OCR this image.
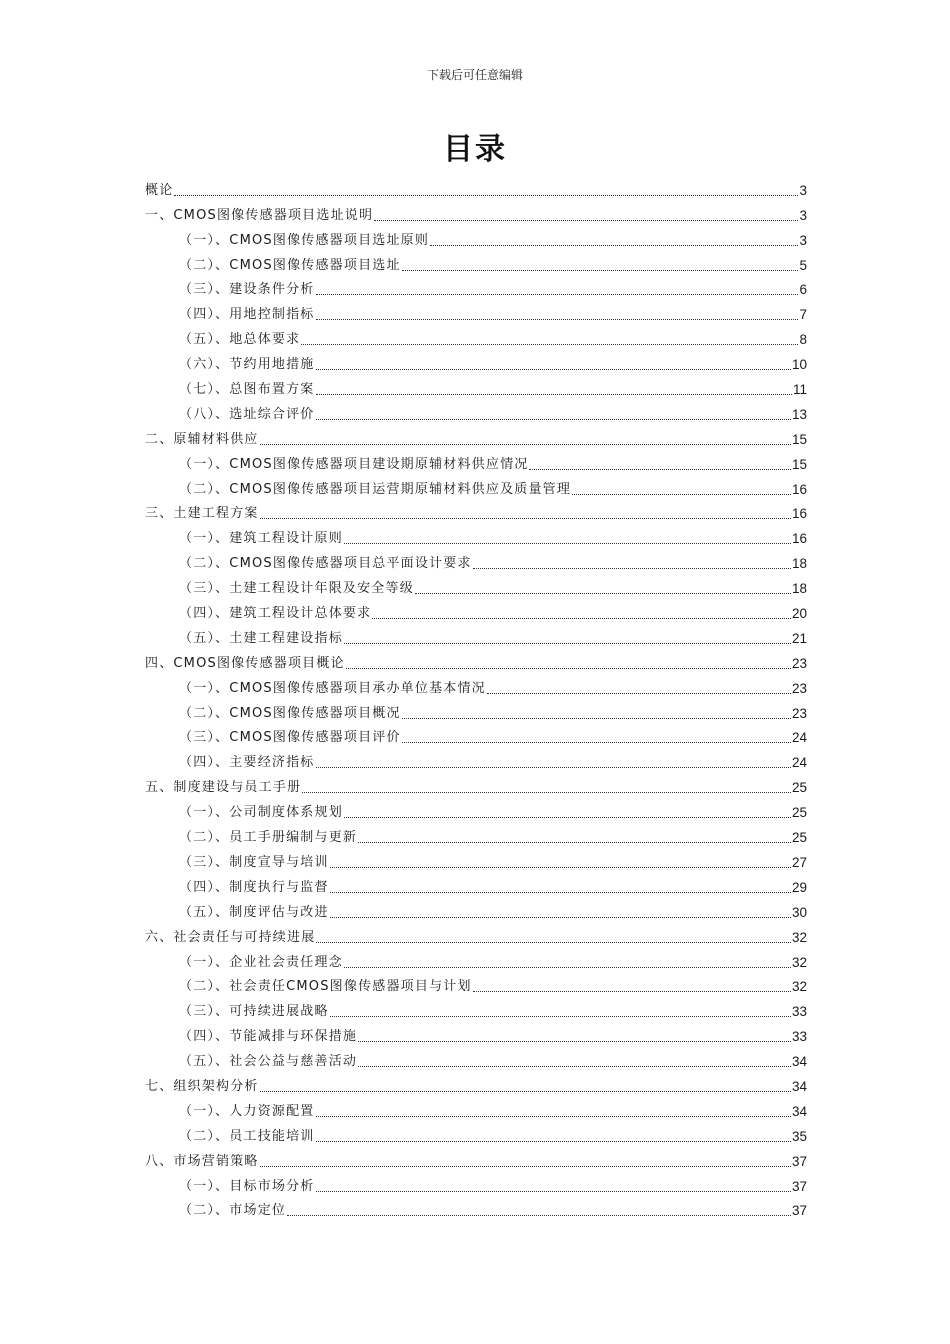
下载后可任意编辑
目录
概论	3
一、CMOS图像传感器项目选址说明	3
（一）、CMOS图像传感器项目选址原则	3
（二）、CMOS图像传感器项目选址	5
（三）、建设条件分析	6
（四）、用地控制指标	7
（五）、地总体要求	8
（六）、节约用地措施	10
（七）、总图布置方案	11
（八）、选址综合评价	13
二、原辅材料供应	15
（一）、CMOS图像传感器项目建设期原辅材料供应情况	15
（二）、CMOS图像传感器项目运营期原辅材料供应及质量管理	16
三、土建工程方案	16
（一）、建筑工程设计原则	16
（二）、CMOS图像传感器项目总平面设计要求	18
（三）、土建工程设计年限及安全等级	18
（四）、建筑工程设计总体要求	20
（五）、土建工程建设指标	21
四、CMOS图像传感器项目概论	23
（一）、CMOS图像传感器项目承办单位基本情况	23
（二）、CMOS图像传感器项目概况	23
（三）、CMOS图像传感器项目评价	24
（四）、主要经济指标	24
五、制度建设与员工手册	25
（一）、公司制度体系规划	25
（二）、员工手册编制与更新	25
（三）、制度宣导与培训	27
（四）、制度执行与监督	29
（五）、制度评估与改进	30
六、社会责任与可持续进展	32
（一）、企业社会责任理念	32
（二）、社会责任CMOS图像传感器项目与计划	32
（三）、可持续进展战略	33
（四）、节能减排与环保措施	33
（五）、社会公益与慈善活动	34
七、组织架构分析	34
（一）、人力资源配置	34
（二）、员工技能培训	35
八、市场营销策略	37
（一）、目标市场分析	37
（二）、市场定位	37
